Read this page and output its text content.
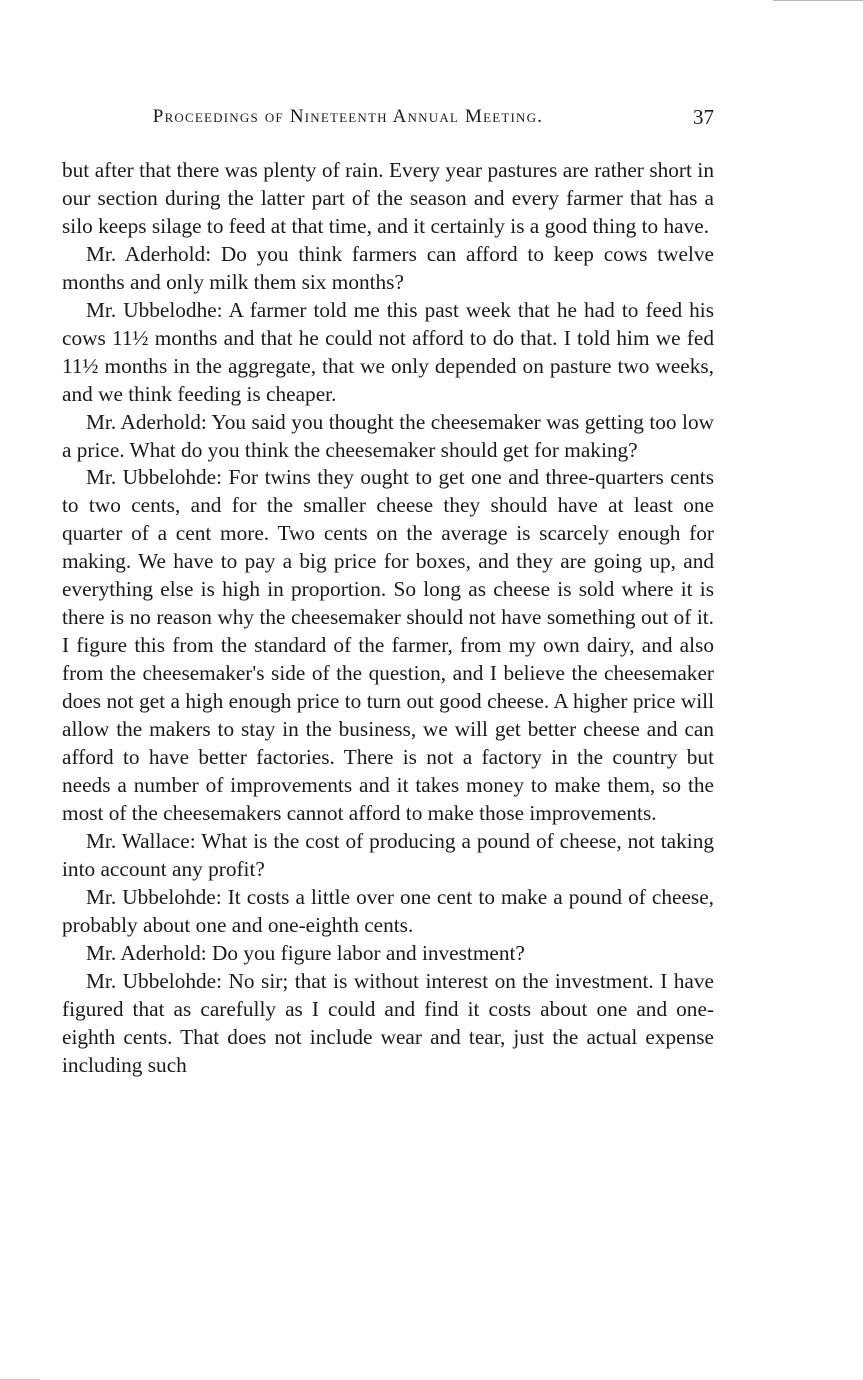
Proceedings of Nineteenth Annual Meeting.	37

but after that there was plenty of rain. Every year pastures are rather short in our section during the latter part of the season and every farmer that has a silo keeps silage to feed at that time, and it certainly is a good thing to have.

Mr. Aderhold: Do you think farmers can afford to keep cows twelve months and only milk them six months?

Mr. Ubbelodhe: A farmer told me this past week that he had to feed his cows 11½ months and that he could not afford to do that. I told him we fed 11½ months in the aggregate, that we only depended on pasture two weeks, and we think feeding is cheaper.

Mr. Aderhold: You said you thought the cheesemaker was getting too low a price. What do you think the cheesemaker should get for making?

Mr. Ubbelohde: For twins they ought to get one and three-quarters cents to two cents, and for the smaller cheese they should have at least one quarter of a cent more. Two cents on the average is scarcely enough for making. We have to pay a big price for boxes, and they are going up, and everything else is high in proportion. So long as cheese is sold where it is there is no reason why the cheesemaker should not have something out of it. I figure this from the standard of the farmer, from my own dairy, and also from the cheesemaker's side of the question, and I believe the cheesemaker does not get a high enough price to turn out good cheese. A higher price will allow the makers to stay in the business, we will get better cheese and can afford to have better factories. There is not a factory in the country but needs a number of improvements and it takes money to make them, so the most of the cheesemakers cannot afford to make those improvements.

Mr. Wallace: What is the cost of producing a pound of cheese, not taking into account any profit?

Mr. Ubbelohde: It costs a little over one cent to make a pound of cheese, probably about one and one-eighth cents.

Mr. Aderhold: Do you figure labor and investment?

Mr. Ubbelohde: No sir; that is without interest on the investment. I have figured that as carefully as I could and find it costs about one and one-eighth cents. That does not include wear and tear, just the actual expense including such
